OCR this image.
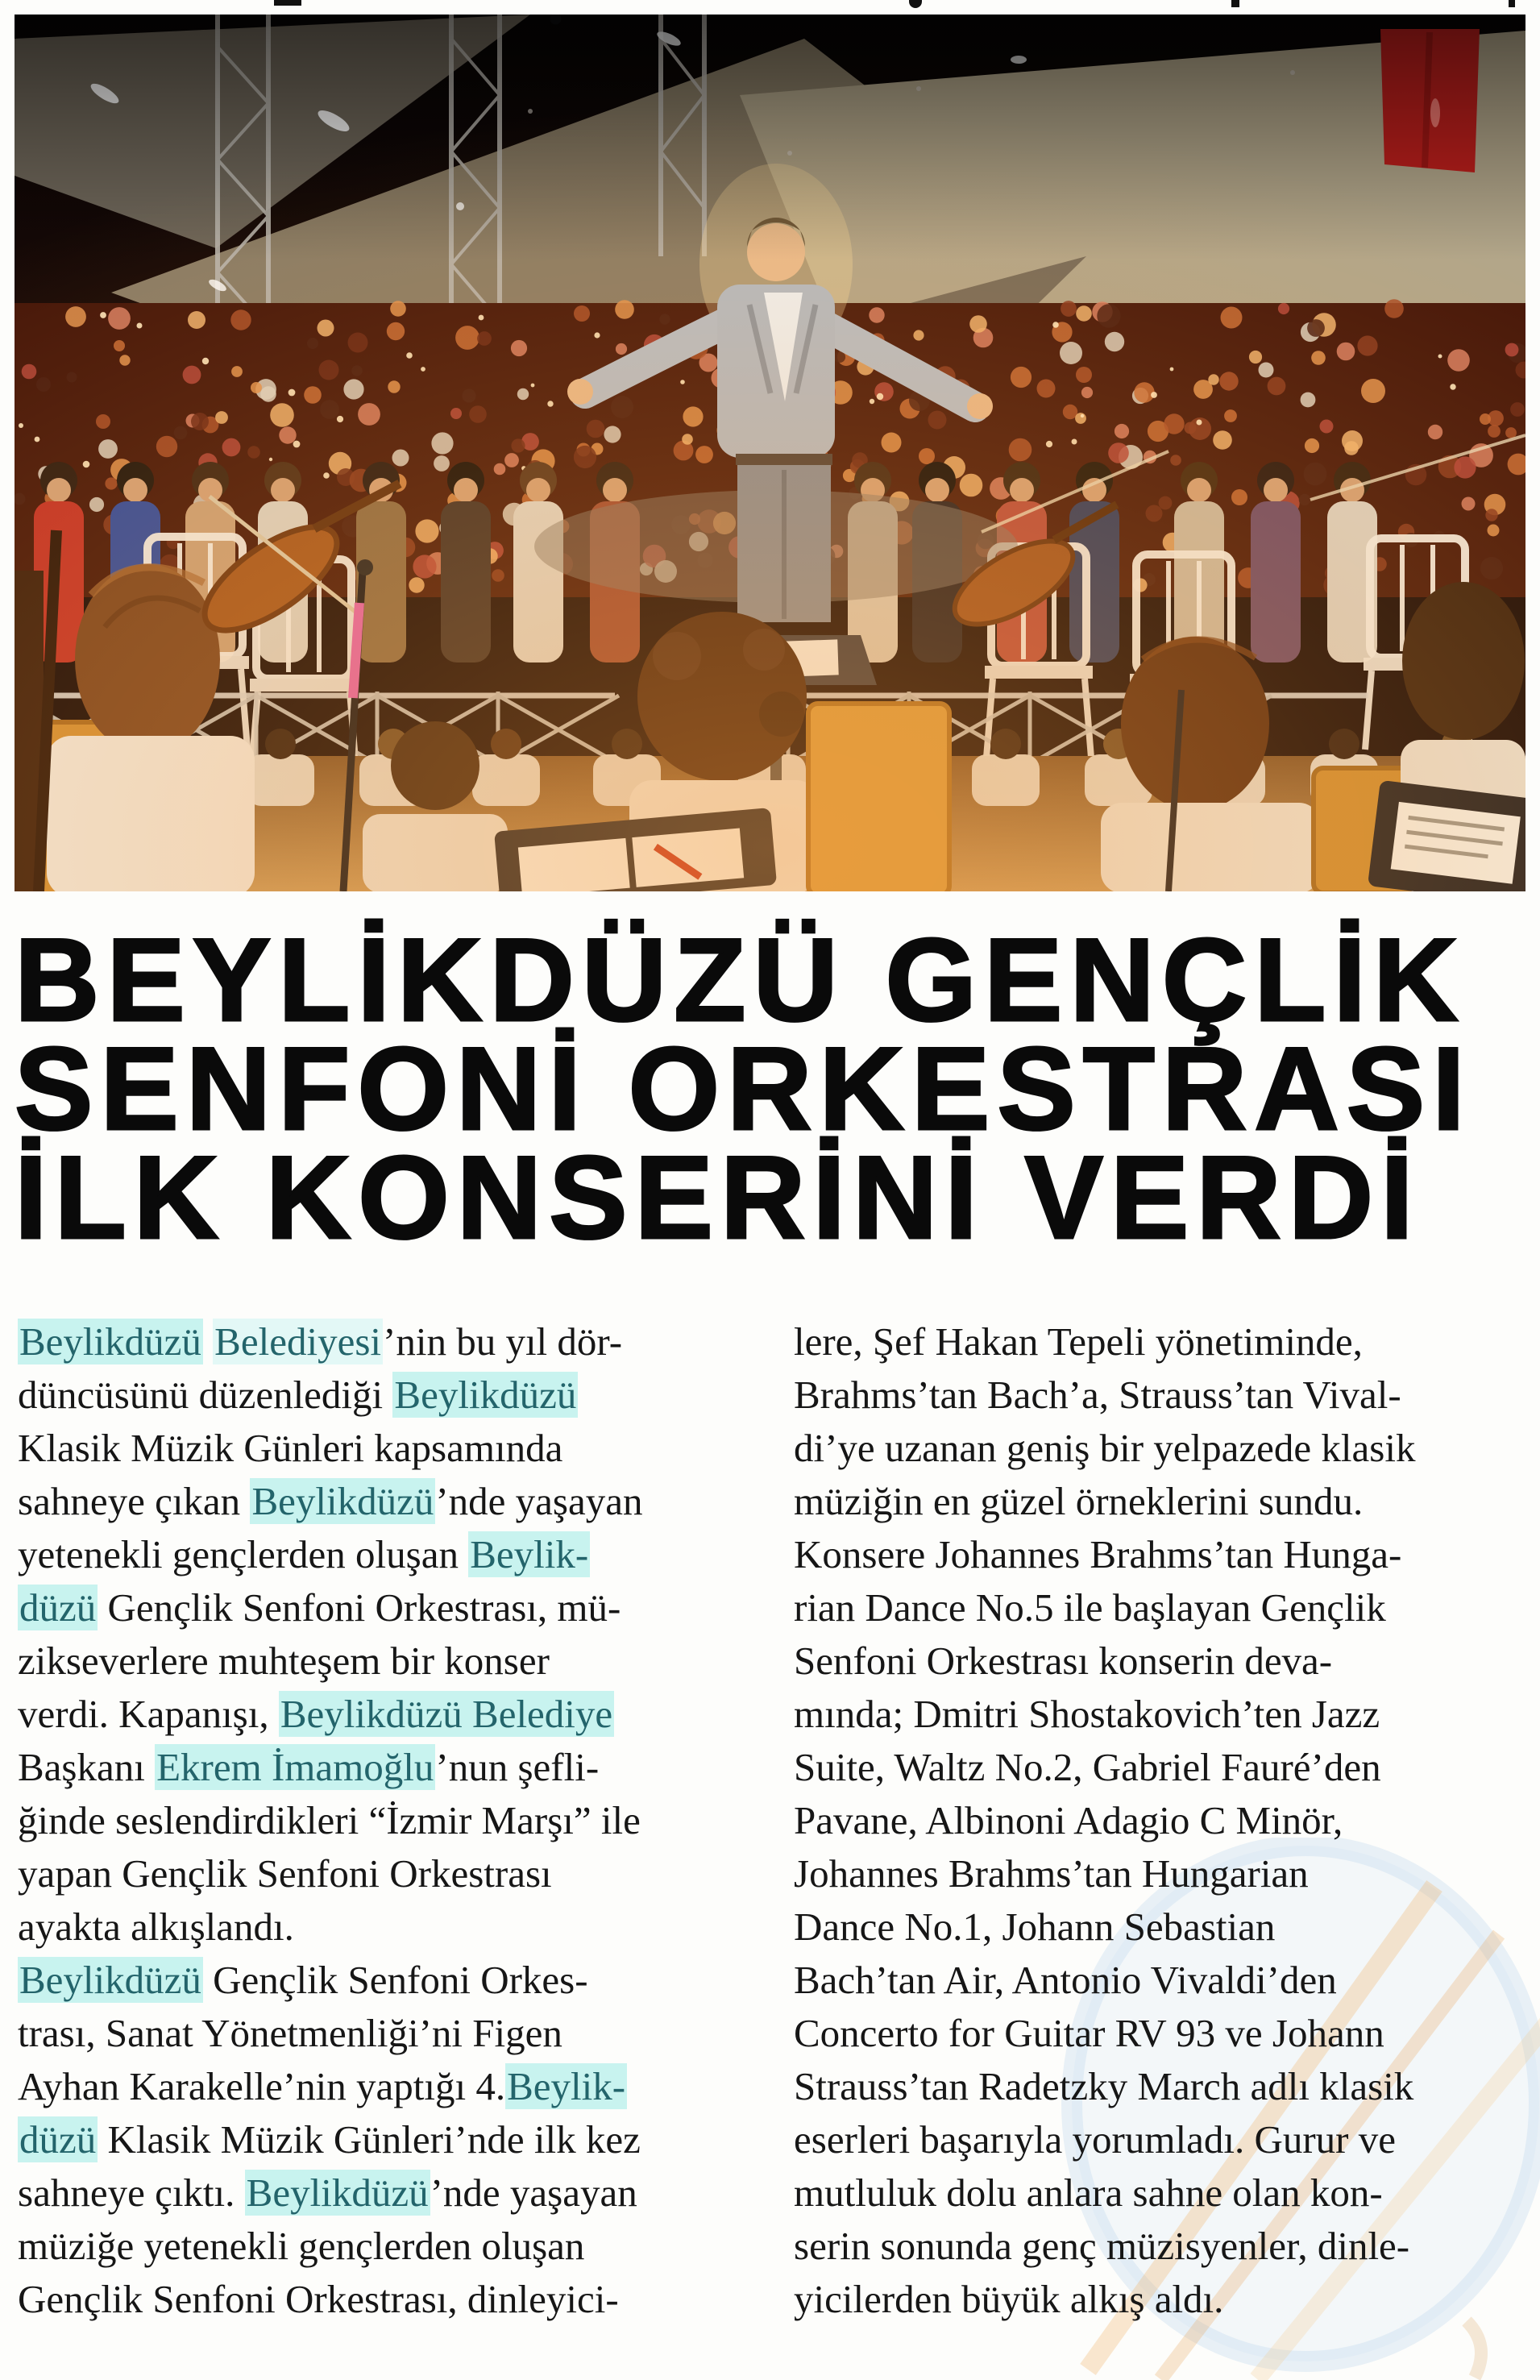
BEYLİKDÜZÜ GENÇLİK
SENFONİ ORKESTRASI
İLK KONSERİNİ VERDİ
Beylikdüzü Belediyesi’nin bu yıl dör-
düncüsünü düzenlediği Beylikdüzü
Klasik Müzik Günleri kapsamında
sahneye çıkan Beylikdüzü’nde yaşayan
yetenekli gençlerden oluşan Beylik-
düzü Gençlik Senfoni Orkestrası, mü-
zikseverlere muhteşem bir konser
verdi. Kapanışı, Beylikdüzü Belediye
Başkanı Ekrem İmamoğlu’nun şefli-
ğinde seslendirdikleri “İzmir Marşı” ile
yapan Gençlik Senfoni Orkestrası
ayakta alkışlandı.
Beylikdüzü Gençlik Senfoni Orkes-
trası, Sanat Yönetmenliği’ni Figen
Ayhan Karakelle’nin yaptığı 4.Beylik-
düzü Klasik Müzik Günleri’nde ilk kez
sahneye çıktı. Beylikdüzü’nde yaşayan
müziğe yetenekli gençlerden oluşan
Gençlik Senfoni Orkestrası, dinleyici-
lere, Şef Hakan Tepeli yönetiminde,
Brahms’tan Bach’a, Strauss’tan Vival-
di’ye uzanan geniş bir yelpazede klasik
müziğin en güzel örneklerini sundu.
Konsere Johannes Brahms’tan Hunga-
rian Dance No.5 ile başlayan Gençlik
Senfoni Orkestrası konserin deva-
mında; Dmitri Shostakovich’ten Jazz
Suite, Waltz No.2, Gabriel Fauré’den
Pavane, Albinoni Adagio C Minör,
Johannes Brahms’tan Hungarian
Dance No.1, Johann Sebastian
Bach’tan Air, Antonio Vivaldi’den
Concerto for Guitar RV 93 ve Johann
Strauss’tan Radetzky March adlı klasik
eserleri başarıyla yorumladı. Gurur ve
mutluluk dolu anlara sahne olan kon-
serin sonunda genç müzisyenler, dinle-
yicilerden büyük alkış aldı.
